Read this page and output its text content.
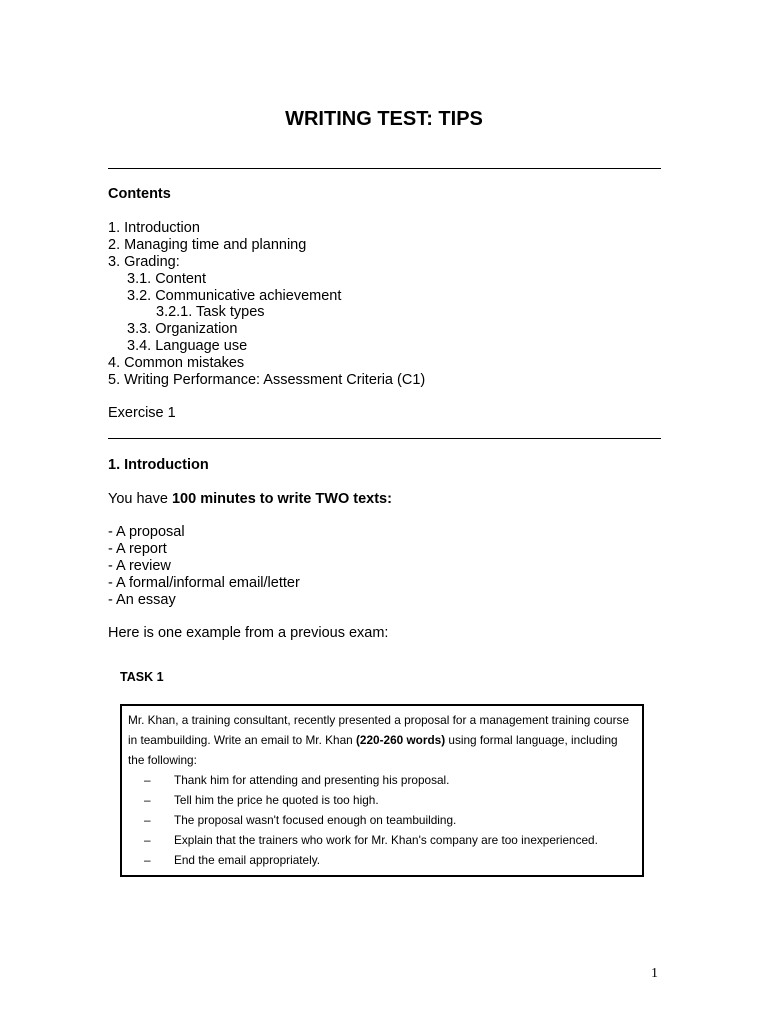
WRITING TEST: TIPS
Contents
1. Introduction
2. Managing time and planning
3. Grading:
3.1. Content
3.2. Communicative achievement
3.2.1. Task types
3.3. Organization
3.4. Language use
4. Common mistakes
5. Writing Performance: Assessment Criteria (C1)
Exercise 1
1. Introduction
You have 100 minutes to write TWO texts:
- A proposal
- A report
- A review
- A formal/informal email/letter
- An essay
Here is one example from a previous exam:
TASK 1

Mr. Khan, a training consultant, recently presented a proposal for a management training course in teambuilding. Write an email to Mr. Khan (220-260 words) using formal language, including the following:

– Thank him for attending and presenting his proposal.
– Tell him the price he quoted is too high.
– The proposal wasn't focused enough on teambuilding.
– Explain that the trainers who work for Mr. Khan's company are too inexperienced.
– End the email appropriately.
1
